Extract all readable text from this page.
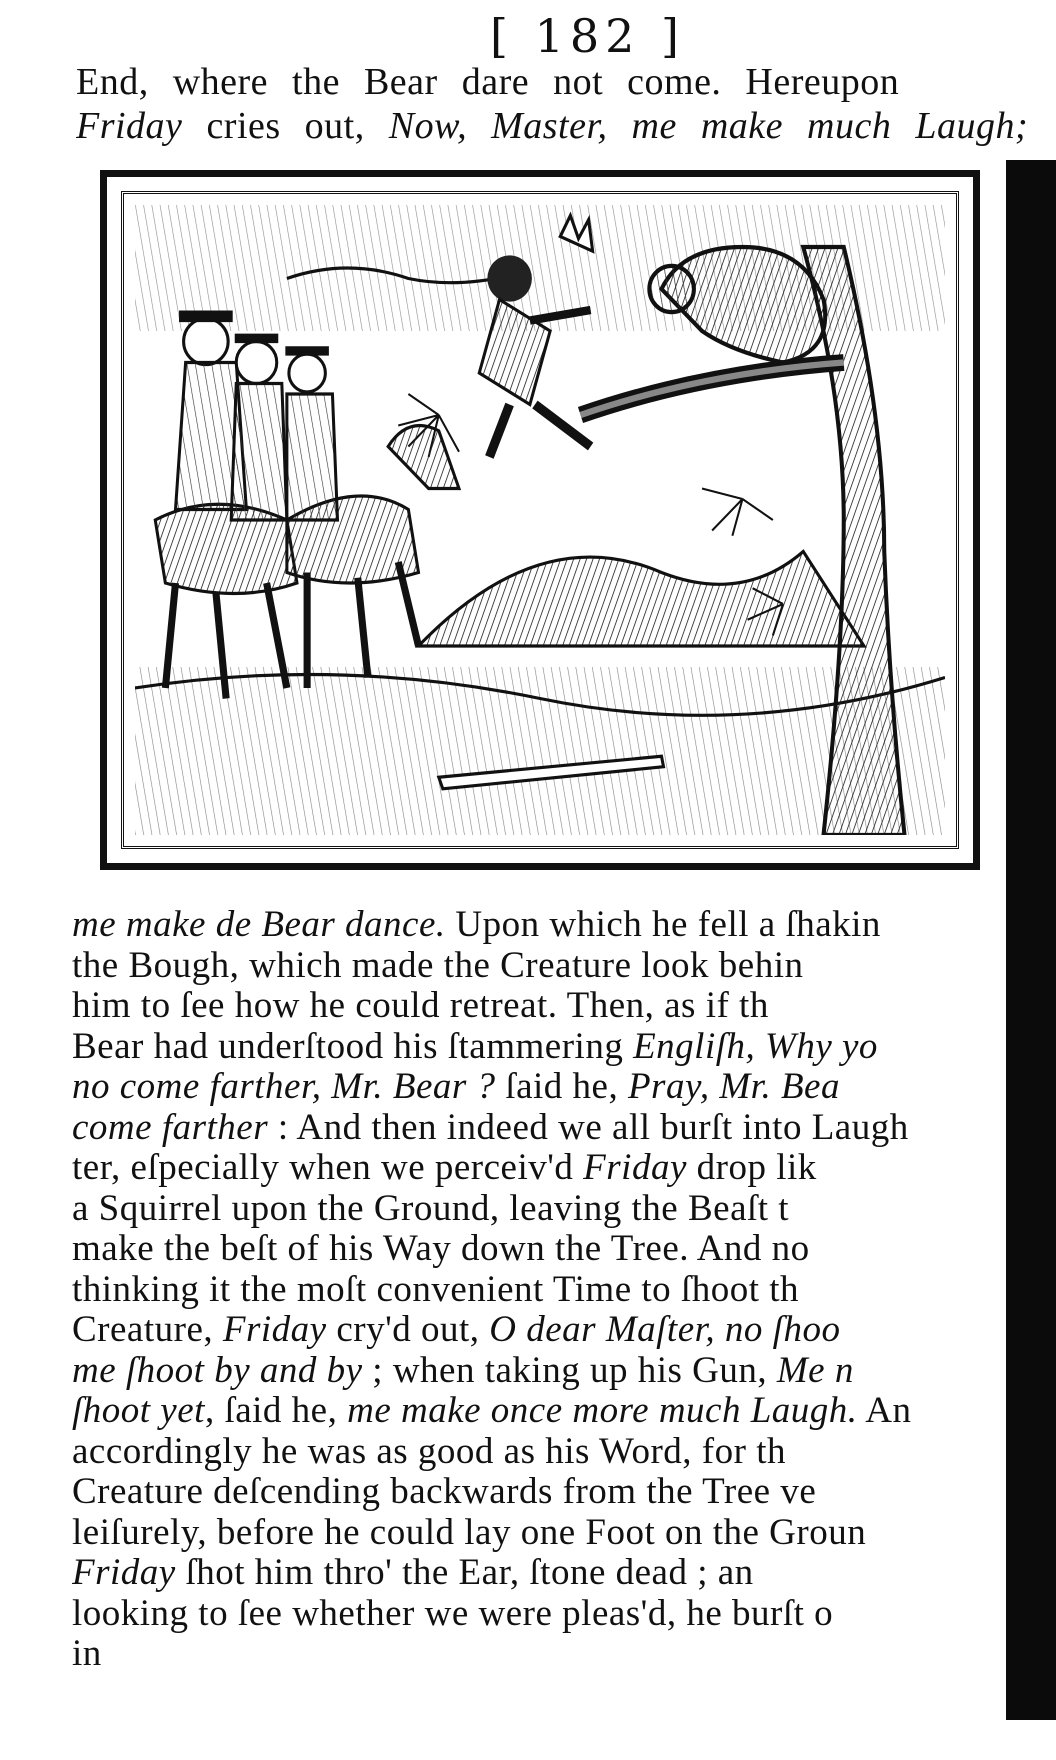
[ 182 ]
End, where the Bear dare not come. Hereupon
Friday cries out, Now, Master, me make much Laugh;
me make de Bear dance. Upon which he fell a ſhakin
the Bough, which made the Creature look behin
him to ſee how he could retreat. Then, as if th
Bear had underſtood his ſtammering Engliſh, Why yo
no come farther, Mr. Bear ? ſaid he, Pray, Mr. Bea
come farther : And then indeed we all burſt into Laugh
ter, eſpecially when we perceiv'd Friday drop lik
a Squirrel upon the Ground, leaving the Beaſt t
make the beſt of his Way down the Tree. And no
thinking it the moſt convenient Time to ſhoot th
Creature, Friday cry'd out, O dear Maſter, no ſhoo
me ſhoot by and by ; when taking up his Gun, Me n
ſhoot yet, ſaid he, me make once more much Laugh. An
accordingly he was as good as his Word, for th
Creature deſcending backwards from the Tree ve
leiſurely, before he could lay one Foot on the Groun
Friday ſhot him thro' the Ear, ſtone dead ; an
looking to ſee whether we were pleas'd, he burſt o
in
